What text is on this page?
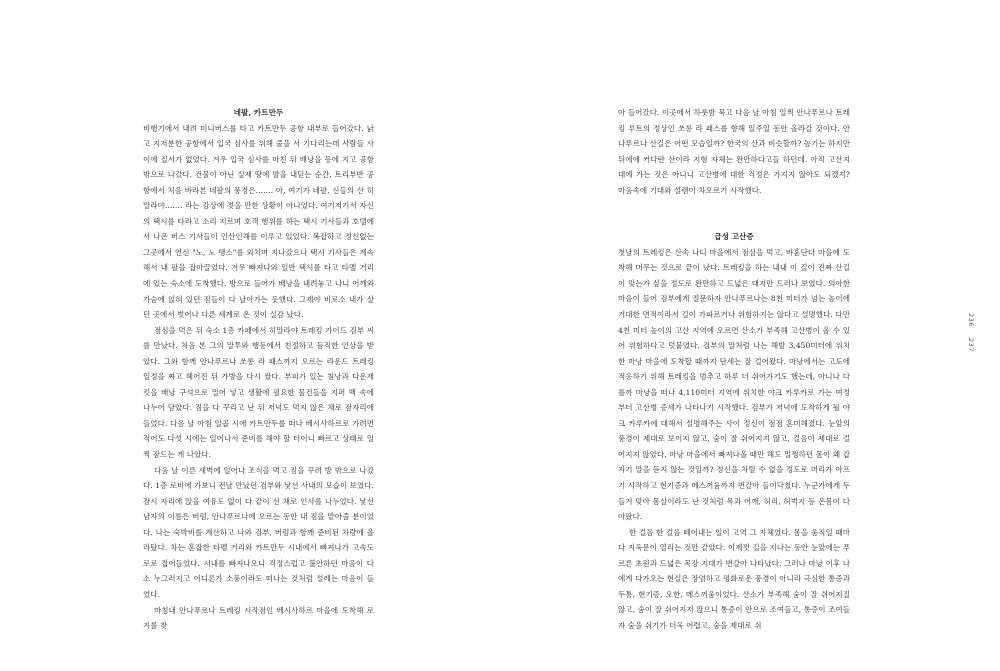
네팔, 카트만두

비행기에서 내려 미니버스를 타고 카트만두 공항 내부로 들어갔다. 낡고 지저분한 공항에서 입국 심사를 위해 줄을 서 기다리는데 사람들 사이에 질서가 없었다. 겨우 입국 심사를 마친 뒤 배낭을 등에 지고 공항 밖으로 나갔다. 건물이 아닌 실제 땅에 발을 내딛는 순간, 트리부반 공항에서 처음 바라본 네팔의 풍경은……. 아, 여기가 네팔, 신들의 산 히말라야……. 라는 감상에 젖을 만한 상황이 아니었다. 여기저기서 자신의 택시를 타라고 소리 지르며 호객 행위를 하는 택시 기사들과 호텔에서 나온 버스 기사들이 인산인해를 이루고 있었다. 복잡하고 정신없는 그곳에서 연신 "노, 노 땡스"를 외치며 지나갔으나 택시 기사들은 계속해서 내 팔을 잡아끌었다. 겨우 빠져나와 일반 택시를 타고 타멜 거리에 있는 숙소에 도착했다. 방으로 들어가 배낭을 내려놓고 나니 어깨와 가슴에 얹혀 있던 짐들이 다 날아가는 듯했다. 그제야 비로소 내가 살던 곳에서 벗어나 다른 세계로 온 것이 실감 났다.

점심을 먹은 뒤 숙소 1층 카페에서 히말라야 트레킹 가이드 검부 씨를 만났다. 처음 본 그의 말투와 행동에서 친절하고 듬직한 인상을 받았다. 그와 함께 안나푸르나 쏘롱 라 패스까지 오르는 라운드 트레킹 일정을 짜고 헤어진 뒤 가방을 다시 쌌다. 부피가 있는 침낭과 다운재킷을 배낭 구석으로 밀어 넣고 생활에 필요한 물건들을 지퍼 백 속에 나누어 담았다. 짐을 다 꾸리고 난 뒤 저녁도 먹지 않은 채로 잠자리에 들었다. 다음 날 아침 일곱 시에 카트만두를 떠나 베시사하르로 가려면 적어도 다섯 시에는 일어나서 준비를 해야 할 터이니 빠르고 상태로 일찍 잠드는 게 나았다.

다음 날 이른 새벽에 일어나 조식을 먹고 짐을 꾸려 방 밖으로 나갔다. 1층 로비에 가보니 전날 만났던 검부와 낯선 사내의 모습이 보였다. 잠시 자리에 앉을 여유도 없이 다 같이 선 채로 인사를 나누었다. 낯선 남자의 이름은 버럼, 안나푸르나에 오르는 동안 내 짐을 맡아줄 분이었다. 나는 숙박비를 계산하고 나와 검부, 버럼과 함께 준비된 차량에 올라탔다. 차는 혼잡한 타멜 거리와 카트만두 시내에서 빠져나가 고속도로로 접어들었다. 시내를 빠져나오니 걱정스럽고 불안하던 마음이 다소 누그러지고 어디론가 소풍이라도 떠나는 것처럼 설레는 마음이 들었다.

마침내 안나푸르나 트레킹 시작점인 베시사하르 마을에 도착해 로지를 찾

아 들어갔다. 이곳에서 하룻밤 묵고 다음 날 아침 일찍 안나푸르나 트레킹 루트의 정상인 쏘롱 라 패스를 향해 일주일 동안 올라갈 것이다. 안나푸르나 산길은 어떤 모습일까? 한국의 산과 비슷할까? 높기는 하지만 뒤에에 커다란 산이라 지형 자체는 완만하다고들 하던데. 아직 고산지대에 가는 것은 아니니 고산병에 대한 걱정은 가지지 않아도 되겠지? 마음속에 기대와 설렘이 차오르기 시작했다.

급성 고산증

첫날의 트레킹은 산속 나디 마을에서 점심을 먹고, 바훈단다 마을에 도착해 머무는 것으로 끝이 났다. 트레킹을 하는 내내 이 길이 진짜 산길이 맞는가 싶을 정도로 완만하고 드넓은 대지만 드러나 보였다. 의아한 마음이 들어 검부에게 질문하자 안나푸르나는 8천 미터가 넘는 높이에 거대한 면적이라서 길이 가파르거나 위험하지는 않다고 설명했다. 다만 4천 미터 높이의 고산 지역에 오르면 산소가 부족해 고산병이 올 수 있어 위험하다고 덧붙였다. 검부의 말처럼 나는 해발 3,450미터에 위치한 마낭 마을에 도착할 때까지 단세는 잘 걸어왔다. 마낭에서는 고도에 적응하기 위해 트레킹을 멈추고 하루 더 쉬어가기도 했는데, 아니나 다를까 마낭을 떠나 4,110미터 지역에 위치한 야크 카루카로 가는 여정부터 고산병 증세가 나타나기 시작했다. 검부가 저녁에 도착하게 될 야크 카루카에 대해서 설명해주는 사이 정신이 점점 혼미해졌다. 눈앞의 풍경이 제대로 보이지 않고, 숨이 잘 쉬어지지 않고, 걸음이 제대로 걸어지지 않았다. 마낭 마을에서 빠져나올 때만 해도 멀쩡하던 몸이 왜 갑자기 말을 듣지 않는 것일까? 정신을 차릴 수 없을 정도로 머리가 아프기 시작하고 현기증과 메스꺼움까지 번갈아 들이닥쳤다. 누군가에게 두들겨 맞아 몸살이라도 난 것처럼 목과 어깨, 허리, 허벅지 등 온몸이 다 아팠다.

한 걸음 한 걸음 떼어내는 일이 고역 그 자체였다. 몸을 움직일 때마다 지옥문이 열리는 것만 같았다. 이제껏 길을 지나는 동안 눈앞에는 푸르른 초원과 드넓은 목장 지대가 번갈아 나타났다. 그러나 마낭 이후 나에게 다가오는 현실은 장엄하고 평화로운 풍경이 아니라 극심한 통증과 두통, 현기증, 오한, 메스꺼움이었다. 산소가 부족해 숨이 잘 쉬어지질 않고, 숨이 잘 쉬어지지 않으니 통증이 안으로 조여들고, 통증이 조여들자 숨을 쉬기가 더욱 어렵고, 숨을 제대로 쉬

236 237
